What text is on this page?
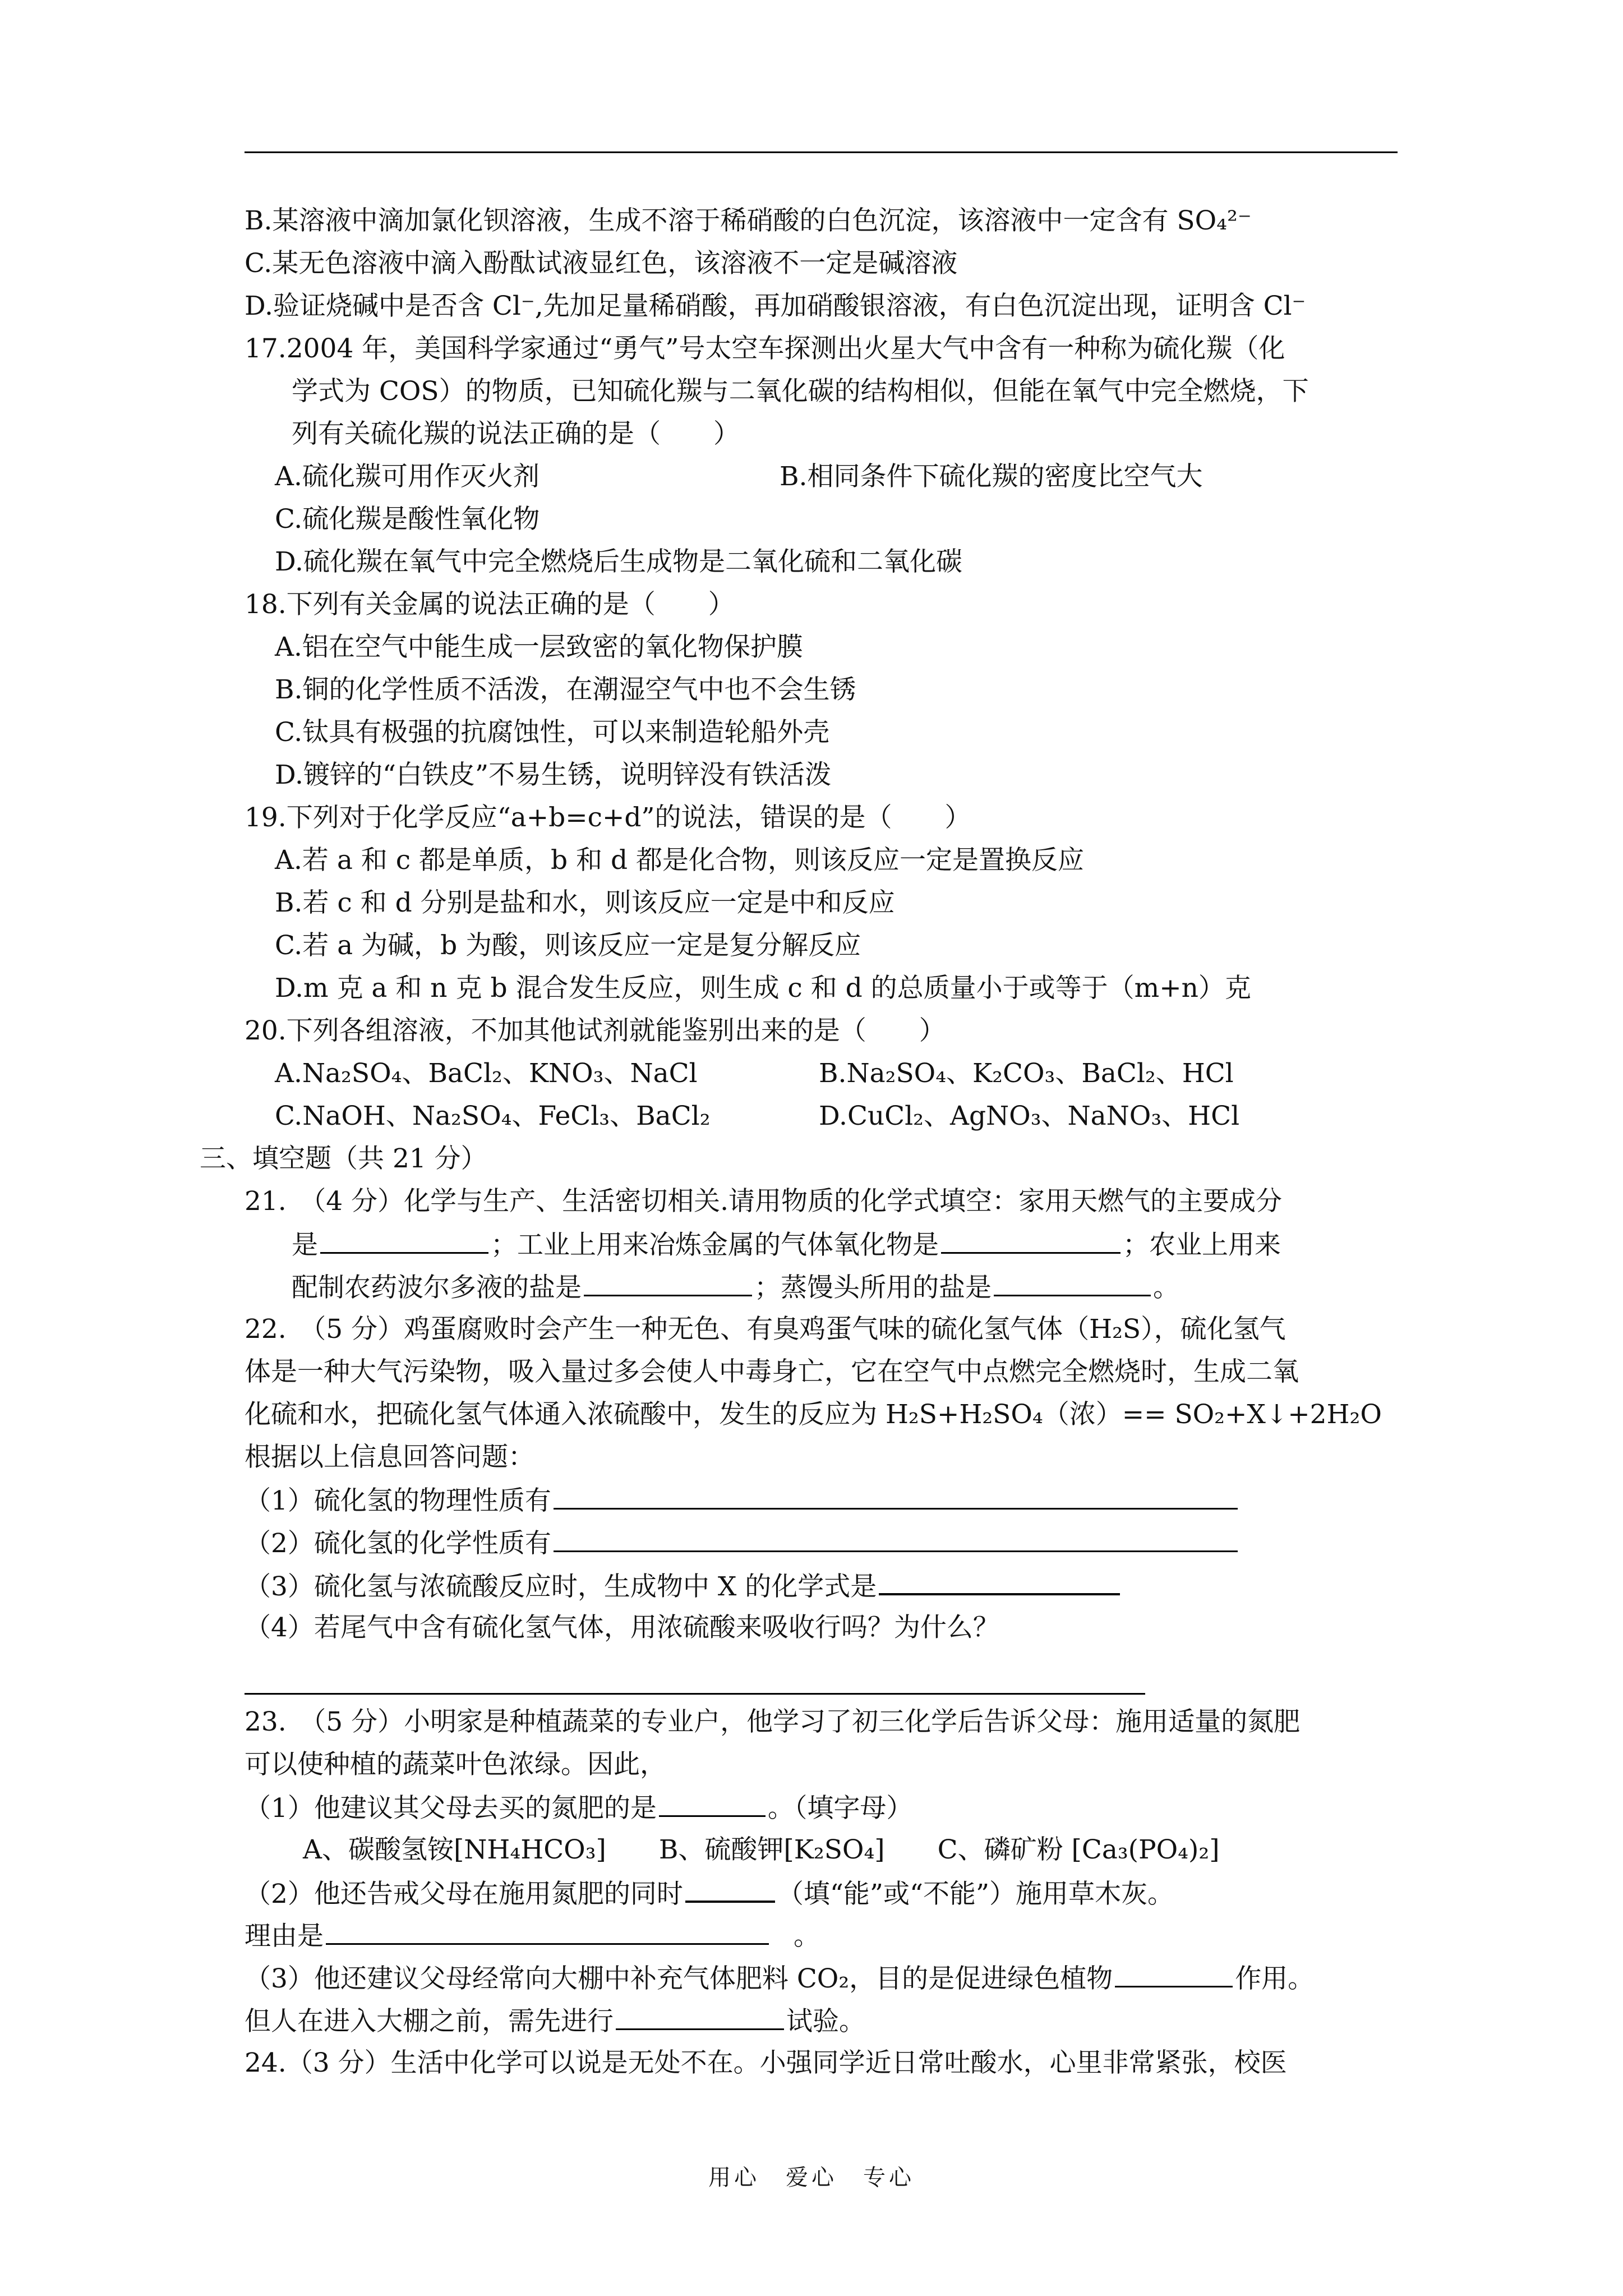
B.某溶液中滴加氯化钡溶液，生成不溶于稀硝酸的白色沉淀，该溶液中一定含有 SO₄²⁻
C.某无色溶液中滴入酚酞试液显红色，该溶液不一定是碱溶液
D.验证烧碱中是否含 Cl⁻,先加足量稀硝酸，再加硝酸银溶液，有白色沉淀出现，证明含 Cl⁻
17.2004 年，美国科学家通过“勇气”号太空车探测出火星大气中含有一种称为硫化羰（化
学式为 COS）的物质，已知硫化羰与二氧化碳的结构相似，但能在氧气中完全燃烧，下
列有关硫化羰的说法正确的是（　　）
A.硫化羰可用作灭火剂	B.相同条件下硫化羰的密度比空气大
C.硫化羰是酸性氧化物
D.硫化羰在氧气中完全燃烧后生成物是二氧化硫和二氧化碳
18.下列有关金属的说法正确的是（　　）
A.铝在空气中能生成一层致密的氧化物保护膜
B.铜的化学性质不活泼，在潮湿空气中也不会生锈
C.钛具有极强的抗腐蚀性，可以来制造轮船外壳
D.镀锌的“白铁皮”不易生锈，说明锌没有铁活泼
19.下列对于化学反应“a+b=c+d”的说法，错误的是（　　）
A.若 a 和 c 都是单质，b 和 d 都是化合物，则该反应一定是置换反应
B.若 c 和 d 分别是盐和水，则该反应一定是中和反应
C.若 a 为碱，b 为酸，则该反应一定是复分解反应
D.m 克 a 和 n 克 b 混合发生反应，则生成 c 和 d 的总质量小于或等于（m+n）克
20.下列各组溶液，不加其他试剂就能鉴别出来的是（　　）
A.Na₂SO₄、BaCl₂、KNO₃、NaCl	B.Na₂SO₄、K₂CO₃、BaCl₂、HCl
C.NaOH、Na₂SO₄、FeCl₃、BaCl₂	D.CuCl₂、AgNO₃、NaNO₃、HCl
三、填空题（共 21 分）
21.　（4 分）化学与生产、生活密切相关.请用物质的化学式填空：家用天燃气的主要成分
是	；工业上用来冶炼金属的气体氧化物是	；农业上用来
配制农药波尔多液的盐是	；蒸馒头所用的盐是	。
22.　（5 分）鸡蛋腐败时会产生一种无色、有臭鸡蛋气味的硫化氢气体（H₂S），硫化氢气
体是一种大气污染物，吸入量过多会使人中毒身亡，它在空气中点燃完全燃烧时，生成二氧
化硫和水，把硫化氢气体通入浓硫酸中，发生的反应为 H₂S+H₂SO₄（浓）== SO₂+X↓+2H₂O
根据以上信息回答问题：
（1）硫化氢的物理性质有
（2）硫化氢的化学性质有
（3）硫化氢与浓硫酸反应时，生成物中 X 的化学式是
（4）若尾气中含有硫化氢气体，用浓硫酸来吸收行吗？为什么？
23.　（5 分）小明家是种植蔬菜的专业户，他学习了初三化学后告诉父母：施用适量的氮肥
可以使种植的蔬菜叶色浓绿。因此，
（1）他建议其父母去买的氮肥的是	。（填字母）
A、碳酸氢铵[NH₄HCO₃]　　B、硫酸钾[K₂SO₄]　　C、磷矿粉 [Ca₃(PO₄)₂]
（2）他还告戒父母在施用氮肥的同时	（填“能”或“不能”）施用草木灰。
理由是	。
（3）他还建议父母经常向大棚中补充气体肥料 CO₂，目的是促进绿色植物	作用。
但人在进入大棚之前，需先进行	试验。
24.（3 分）生活中化学可以说是无处不在。小强同学近日常吐酸水，心里非常紧张，校医
用心　爱心　专心
